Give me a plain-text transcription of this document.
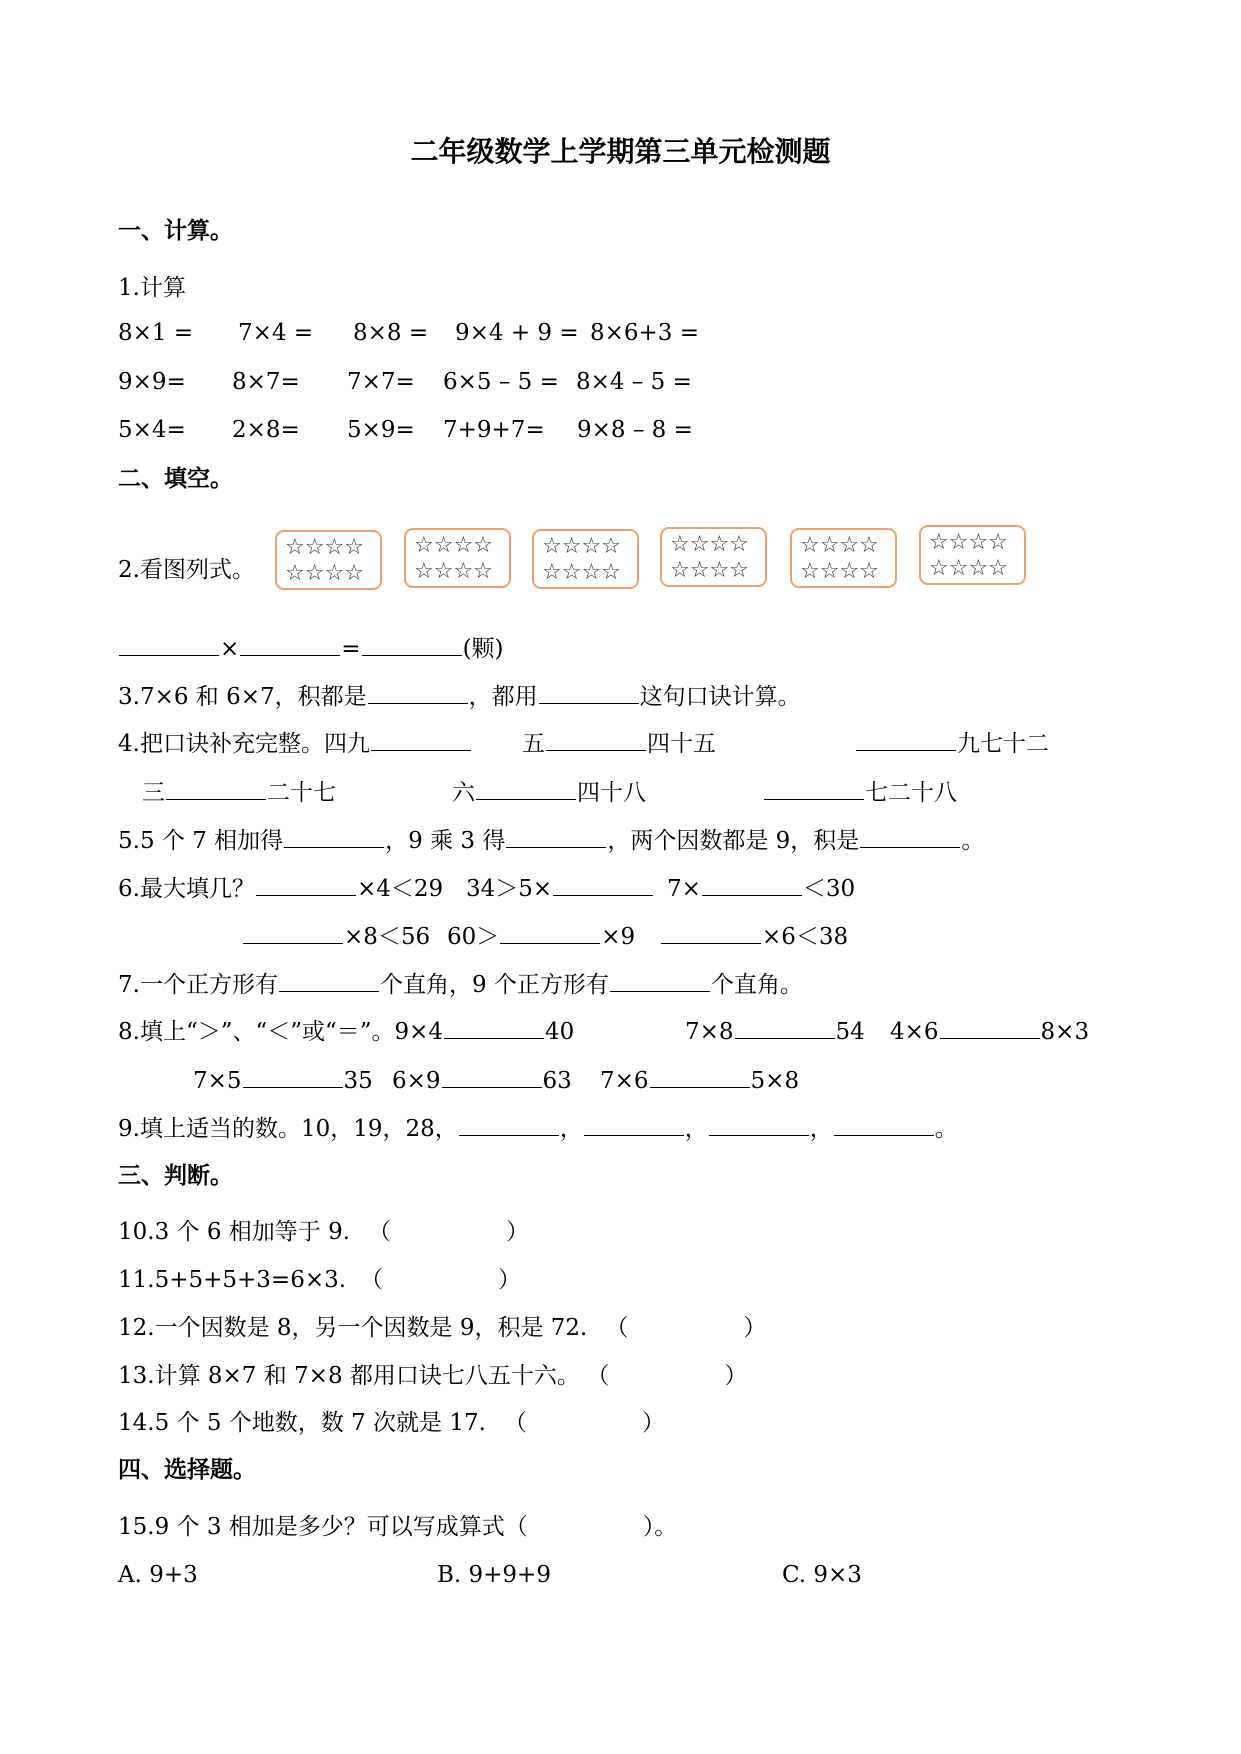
二年级数学上学期第三单元检测题
一、计算。
1.计算
8×1 = 7×4 = 8×8 = 9×4 + 9 = 8×6+3 =
9×9= 8×7= 7×7= 6×5 – 5 = 8×4 – 5 =
5×4= 2×8= 5×9= 7+9+7= 9×8 – 8 =
二、填空。
2.看图列式。
☆☆☆☆
☆☆☆☆
☆☆☆☆
☆☆☆☆
☆☆☆☆
☆☆☆☆
☆☆☆☆
☆☆☆☆
☆☆☆☆
☆☆☆☆
☆☆☆☆
☆☆☆☆
×	=	(颗)
3.7×6 和 6×7，积都是	，都用	这句口诀计算。
4.把口诀补充完整。四九	五	四十五	九七十二
三	二十七	六	四十八	七二十八
5.5 个 7 相加得	，9 乘 3 得	，两个因数都是 9，积是	。
6.最大填几？	×4＜29 34＞5×	7×	＜30
×8＜56 60＞	×9	×6＜38
7.一个正方形有	个直角，9 个正方形有	个直角。
8.填上“＞”、“＜”或“＝”。9×4	40	7×8	54 4×6	8×3
7×5	35 6×9	63 7×6	5×8
9.填上适当的数。10，19，28，	，	，	，	。
三、判断。
10.3 个 6 相加等于 9. （　　　　　）
11.5+5+5+3=6×3. （　　　　　）
12.一个因数是 8，另一个因数是 9，积是 72. （　　　　　）
13.计算 8×7 和 7×8 都用口诀七八五十六。 （　　　　　）
14.5 个 5 个地数，数 7 次就是 17. （　　　　　）
四、选择题。
15.9 个 3 相加是多少？可以写成算式（　　　　　）。
A. 9+3	B. 9+9+9	C. 9×3
